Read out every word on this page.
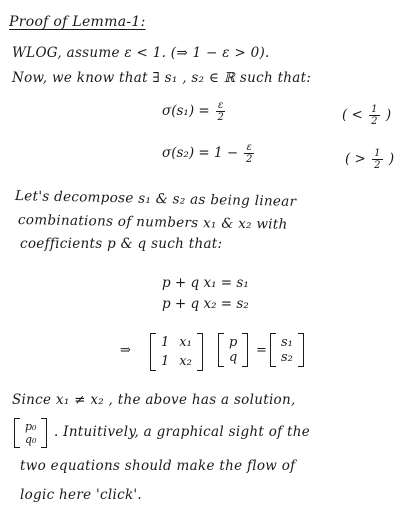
Proof of Lemma-1:
WLOG, assume ε < 1. (⇒ 1 − ε > 0).
Now, we know that ∃ s₁ , s₂ ∈ ℝ such that:
$\sigma(s_1) = \frac{\varepsilon}{2}$	( < $\frac{1}{2}$ )
$\sigma(s_2) = 1 - \frac{\varepsilon}{2}$	( > $\frac{1}{2}$ )
Let's decompose s₁ & s₂ as being linear
combinations of numbers x₁ & x₂ with
coefficients p & q such that:
p + q x₁ = s₁
p + q x₂ = s₂
⇒
1 x₁
1 x₂
p
q =
s₁
s₂
Since x₁ ≠ x₂ , the above has a solution,
p₀
q₀ . Intuitively, a graphical sight of the
two equations should make the flow of
logic here 'click'.
